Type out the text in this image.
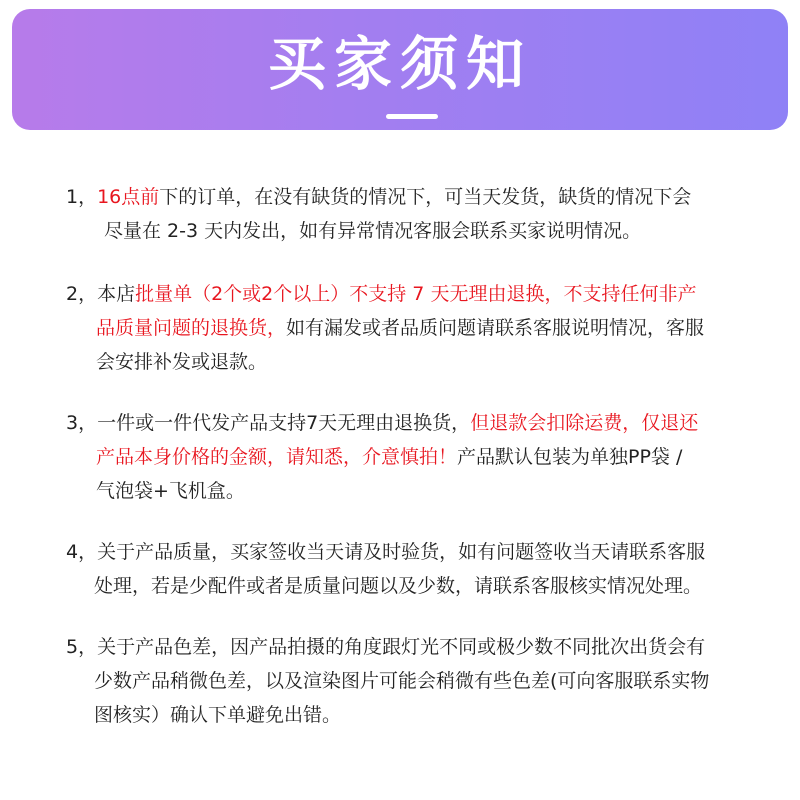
买家须知
1，16点前下的订单，在没有缺货的情况下，可当天发货，缺货的情况下会
尽量在 2-3 天内发出，如有异常情况客服会联系买家说明情况。
2，本店批量单（2个或2个以上）不支持 7 天无理由退换，不支持任何非产
品质量问题的退换货，如有漏发或者品质问题请联系客服说明情况，客服
会安排补发或退款。
3，一件或一件代发产品支持7天无理由退换货，但退款会扣除运费，仅退还
产品本身价格的金额，请知悉，介意慎拍！产品默认包装为单独PP袋 /
气泡袋+飞机盒。
4，关于产品质量，买家签收当天请及时验货，如有问题签收当天请联系客服
处理，若是少配件或者是质量问题以及少数，请联系客服核实情况处理。
5，关于产品色差，因产品拍摄的角度跟灯光不同或极少数不同批次出货会有
少数产品稍微色差，以及渲染图片可能会稍微有些色差(可向客服联系实物
图核实）确认下单避免出错。
